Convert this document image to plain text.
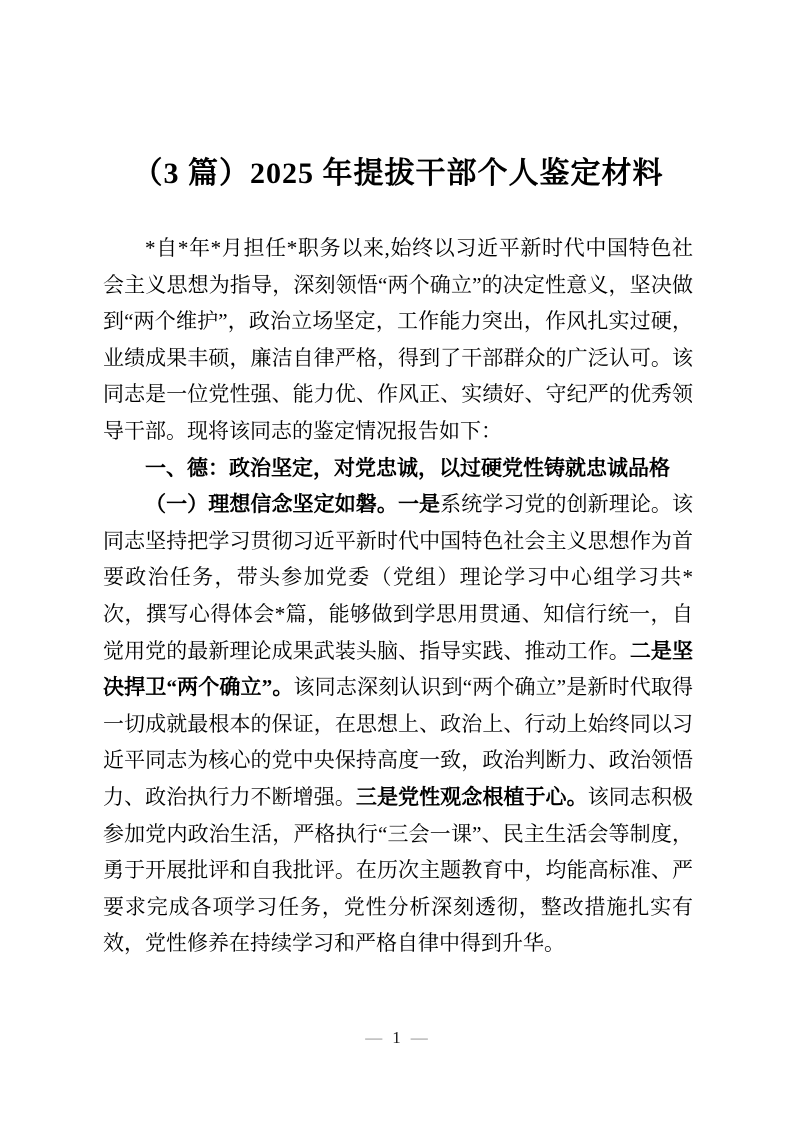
（3 篇）2025 年提拔干部个人鉴定材料

*自*年*月担任*职务以来,始终以习近平新时代中国特色社会主义思想为指导，深刻领悟“两个确立”的决定性意义，坚决做到“两个维护”，政治立场坚定，工作能力突出，作风扎实过硬，业绩成果丰硕，廉洁自律严格，得到了干部群众的广泛认可。该同志是一位党性强、能力优、作风正、实绩好、守纪严的优秀领导干部。现将该同志的鉴定情况报告如下：

一、德：政治坚定，对党忠诚，以过硬党性铸就忠诚品格

（一）理想信念坚定如磐。一是系统学习党的创新理论。该同志坚持把学习贯彻习近平新时代中国特色社会主义思想作为首要政治任务，带头参加党委（党组）理论学习中心组学习共*次，撰写心得体会*篇，能够做到学思用贯通、知信行统一，自觉用党的最新理论成果武装头脑、指导实践、推动工作。二是坚决捍卫“两个确立”。该同志深刻认识到“两个确立”是新时代取得一切成就最根本的保证，在思想上、政治上、行动上始终同以习近平同志为核心的党中央保持高度一致，政治判断力、政治领悟力、政治执行力不断增强。三是党性观念根植于心。该同志积极参加党内政治生活，严格执行“三会一课”、民主生活会等制度，勇于开展批评和自我批评。在历次主题教育中，均能高标准、严要求完成各项学习任务，党性分析深刻透彻，整改措施扎实有效，党性修养在持续学习和严格自律中得到升华。

— 1 —
